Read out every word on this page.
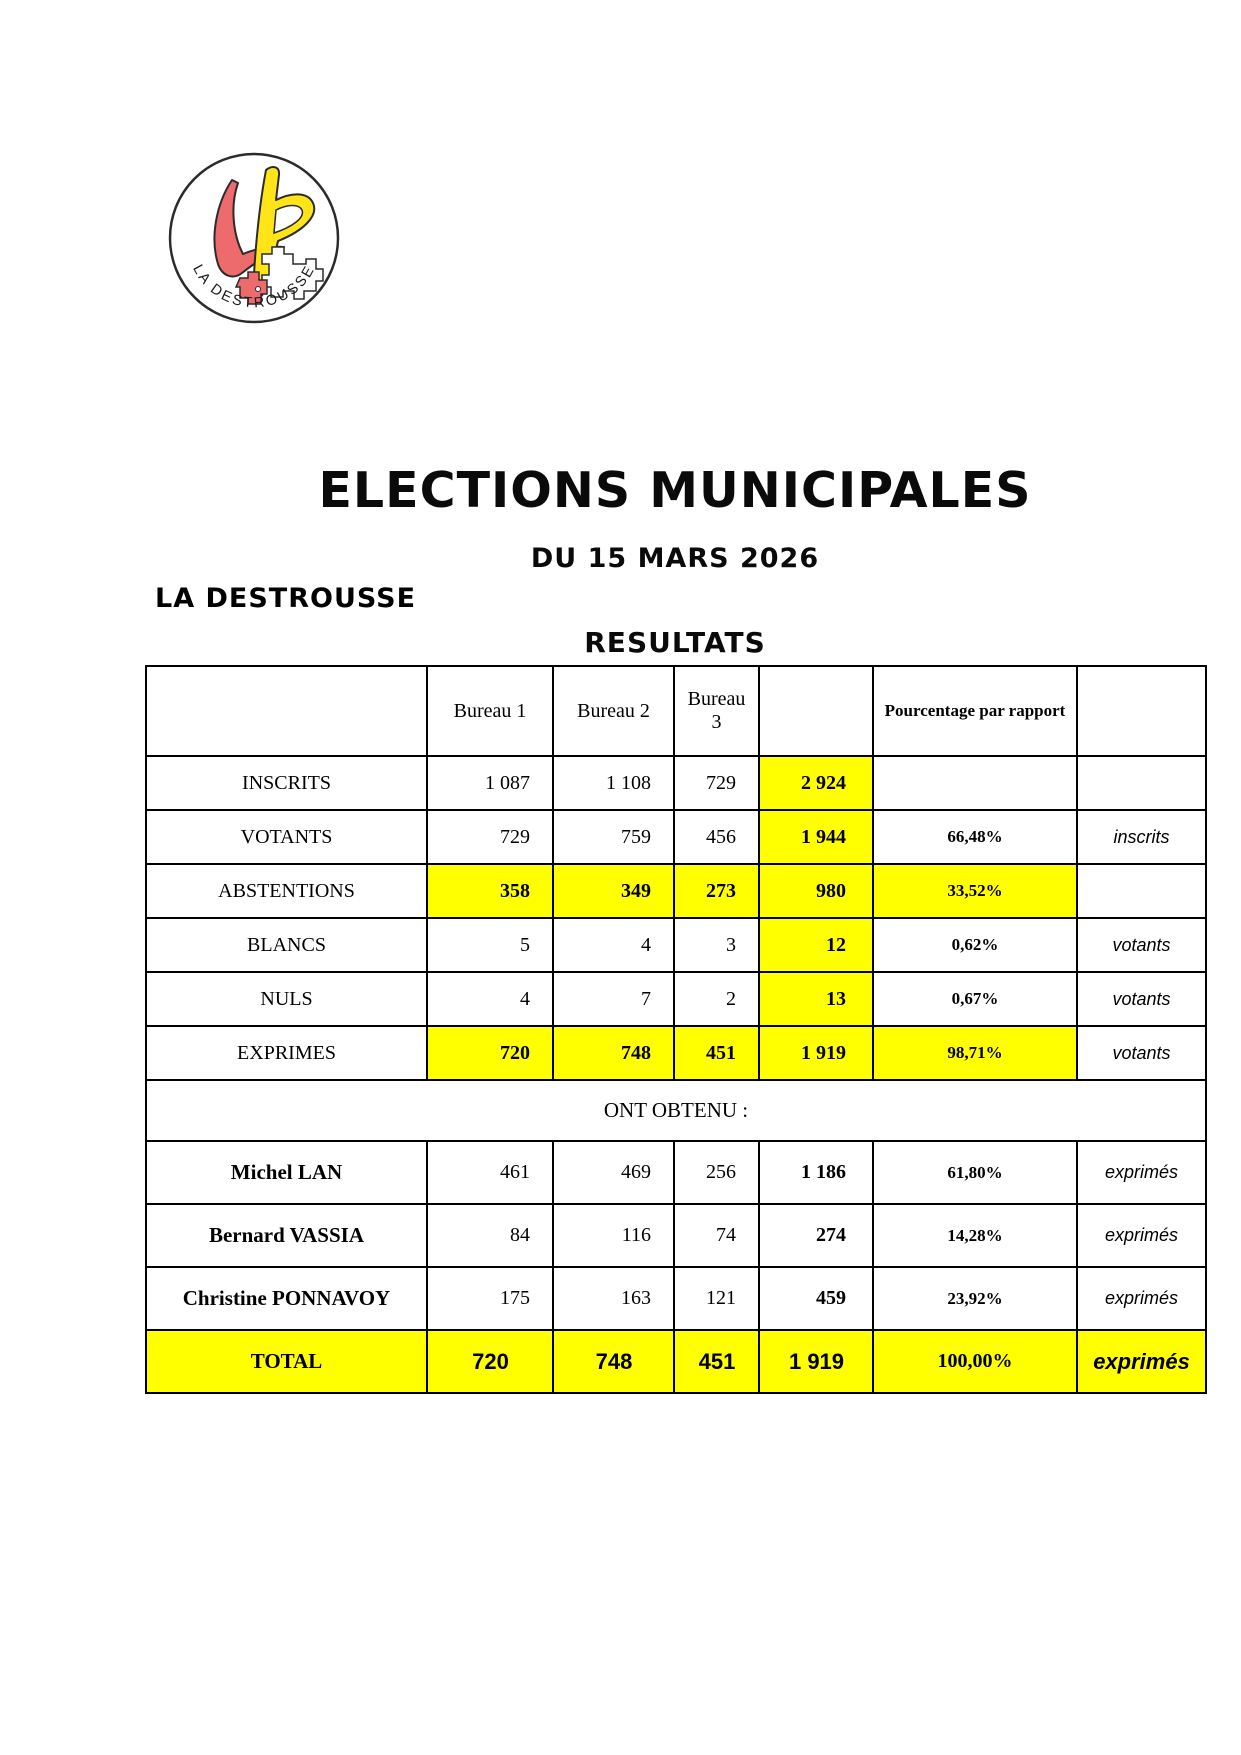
LA DESTROUSSE
ELECTIONS MUNICIPALES
DU 15 MARS 2026
LA DESTROUSSE
RESULTATS
	Bureau 1	Bureau 2	Bureau 3		Pourcentage par rapport	
INSCRITS	1 087	1 108	729	2 924		
VOTANTS	729	759	456	1 944	66,48%	inscrits
ABSTENTIONS	358	349	273	980	33,52%	
BLANCS	5	4	3	12	0,62%	votants
NULS	4	7	2	13	0,67%	votants
EXPRIMES	720	748	451	1 919	98,71%	votants
ONT OBTENU :						
Michel LAN	461	469	256	1 186	61,80%	exprimés
Bernard VASSIA	84	116	74	274	14,28%	exprimés
Christine PONNAVOY	175	163	121	459	23,92%	exprimés
TOTAL	720	748	451	1 919	100,00%	exprimés
